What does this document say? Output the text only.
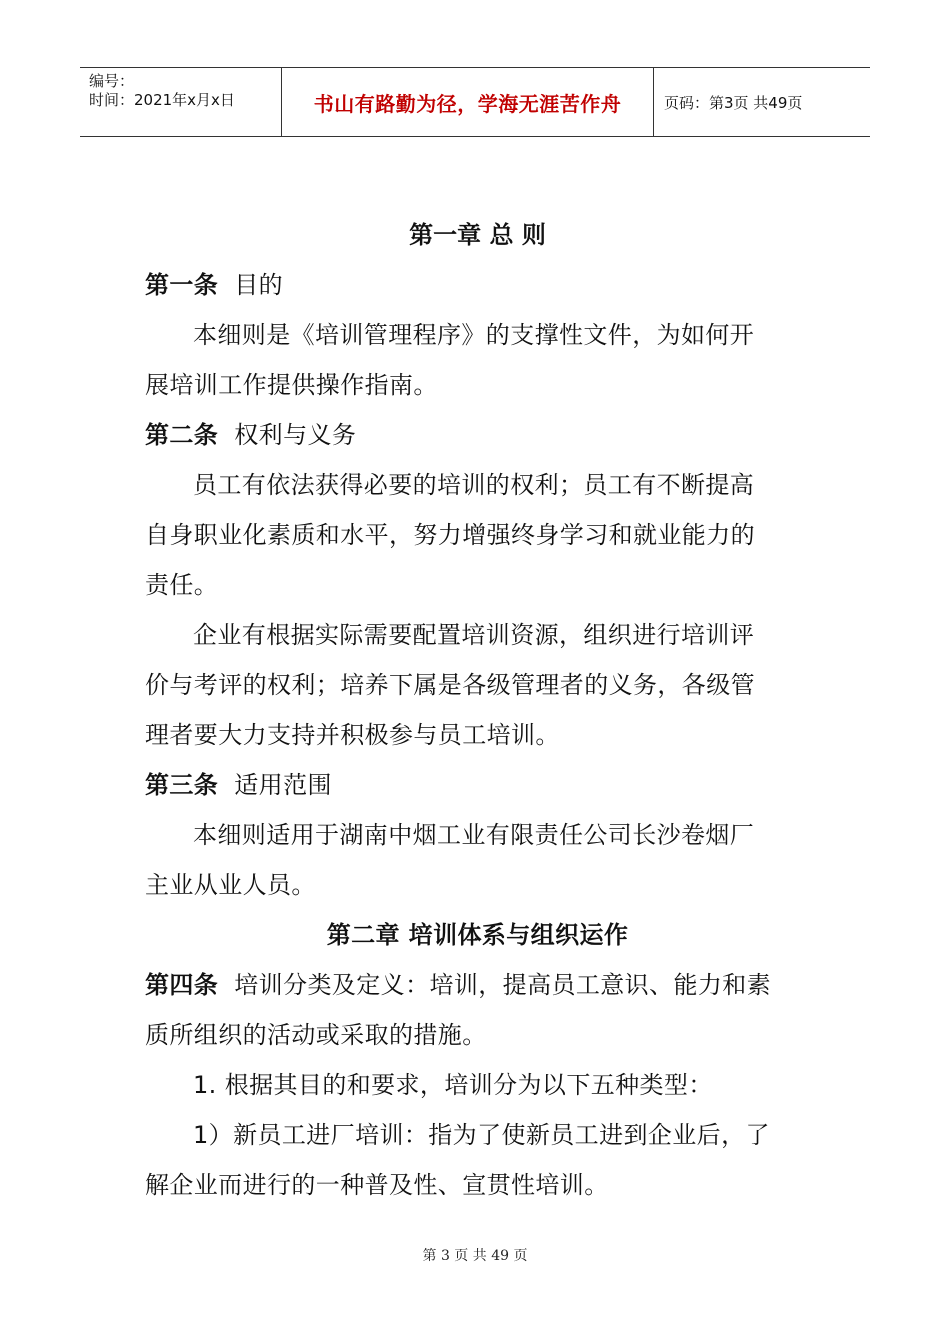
编号：
时间：2021年x月x日	书山有路勤为径，学海无涯苦作舟	页码：第3页 共49页
第一章 总 则
第一条 目的
本细则是《培训管理程序》的支撑性文件，为如何开
展培训工作提供操作指南。
第二条 权利与义务
员工有依法获得必要的培训的权利；员工有不断提高
自身职业化素质和水平，努力增强终身学习和就业能力的
责任。
企业有根据实际需要配置培训资源，组织进行培训评
价与考评的权利；培养下属是各级管理者的义务，各级管
理者要大力支持并积极参与员工培训。
第三条 适用范围
本细则适用于湖南中烟工业有限责任公司长沙卷烟厂
主业从业人员。
第二章 培训体系与组织运作
第四条 培训分类及定义：培训，提高员工意识、能力和素
质所组织的活动或采取的措施。
1. 根据其目的和要求，培训分为以下五种类型：
1）新员工进厂培训：指为了使新员工进到企业后，了
解企业而进行的一种普及性、宣贯性培训。
第 3 页 共 49 页
